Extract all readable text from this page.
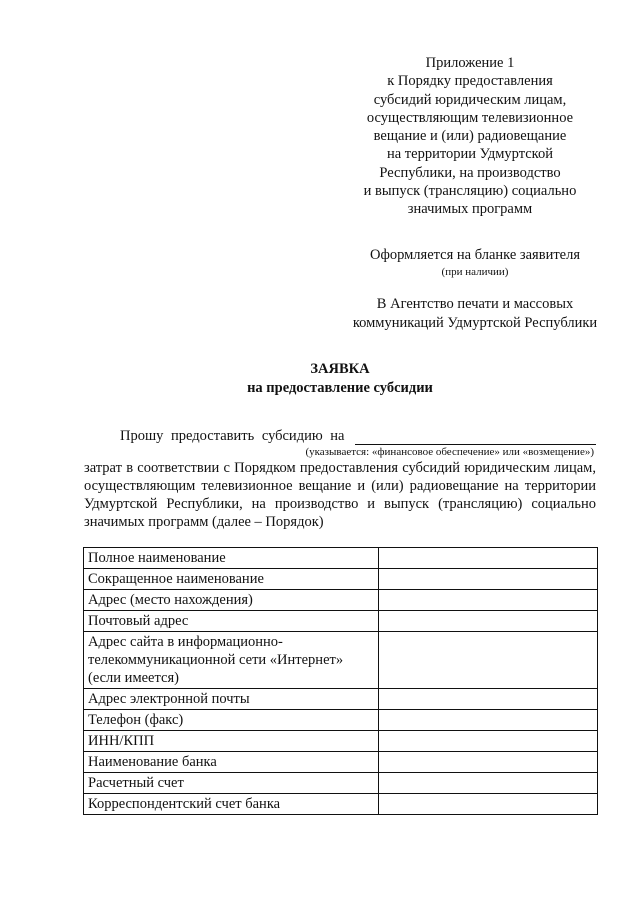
Приложение 1
к Порядку предоставления
субсидий юридическим лицам,
осуществляющим телевизионное
вещание и (или) радиовещание
на территории Удмуртской
Республики, на производство
и выпуск (трансляцию) социально
значимых программ
Оформляется на бланке заявителя
(при наличии)
В Агентство печати и массовых
коммуникаций Удмуртской Республики
ЗАЯВКА
на предоставление субсидии
Прошу предоставить субсидию на
(указывается: «финансовое обеспечение» или «возмещение»)
затрат в соответствии с Порядком предоставления субсидий юридическим лицам, осуществляющим телевизионное вещание и (или) радиовещание на территории Удмуртской Республики, на производство и выпуск (трансляцию) социально значимых программ (далее – Порядок)
Полное наименование	
Сокращенное наименование	
Адрес (место нахождения)	
Почтовый адрес	
Адрес сайта в информационно-телекоммуникационной сети «Интернет» (если имеется)	
Адрес электронной почты	
Телефон (факс)	
ИНН/КПП	
Наименование банка	
Расчетный счет	
Корреспондентский счет банка	
